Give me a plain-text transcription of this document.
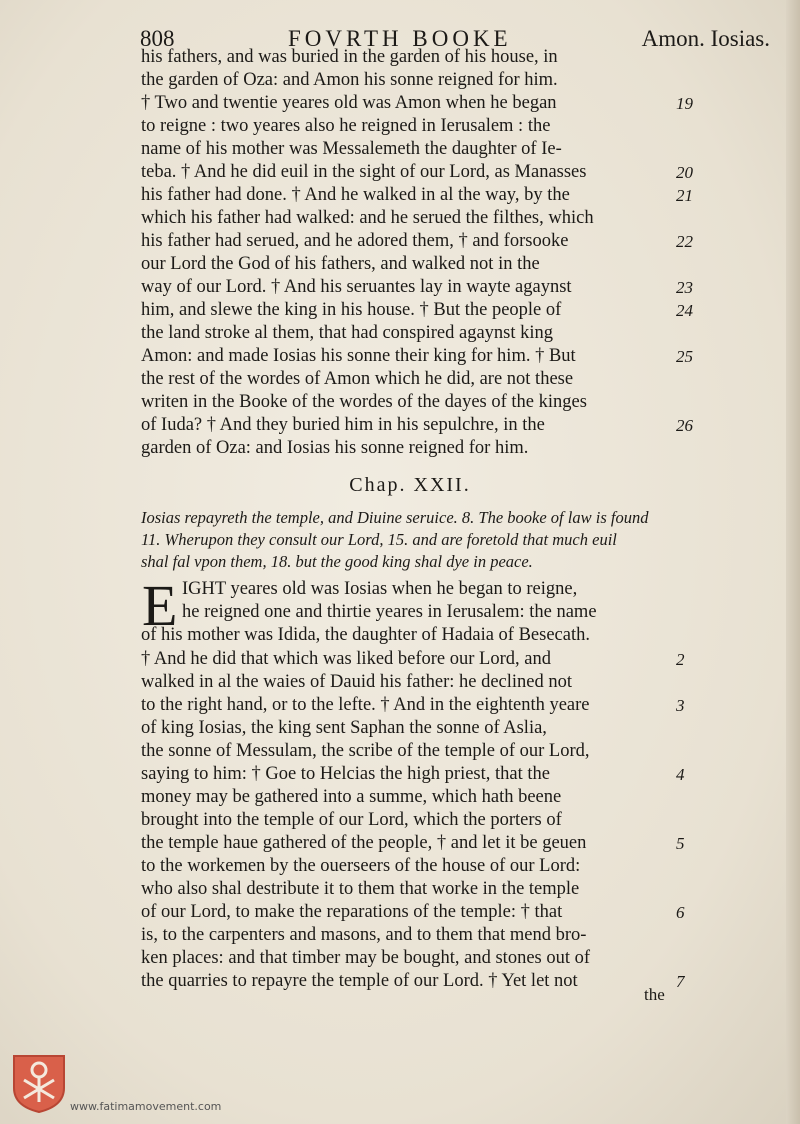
808	FOVRTH BOOKE	Amon. Iosias.
his fathers, and was buried in the garden of his house, in
the garden of Oza: and Amon his sonne reigned for him.
† Two and twentie yeares old was Amon when he began
to reigne : two yeares also he reigned in Ierusalem : the
name of his mother was Messalemeth the daughter of Ie-
teba. † And he did euil in the sight of our Lord, as Manasses
his father had done. † And he walked in al the way, by the
which his father had walked: and he serued the filthes, which
his father had serued, and he adored them, † and forsooke
our Lord the God of his fathers, and walked not in the
way of our Lord. † And his seruantes lay in wayte agaynst
him, and slewe the king in his house. † But the people of
the land stroke al them, that had conspired agaynst king
Amon: and made Iosias his sonne their king for him. † But
the rest of the wordes of Amon which he did, are not these
writen in the Booke of the wordes of the dayes of the kinges
of Iuda? † And they buried him in his sepulchre, in the
garden of Oza: and Iosias his sonne reigned for him.
19
20
21
22
23
24
25
26
Chap. XXII.
Iosias repayreth the temple, and Diuine seruice. 8. The booke of law is found
11. Wherupon they consult our Lord, 15. and are foretold that much euil
shal fal vpon them, 18. but the good king shal dye in peace.
E IGHT yeares old was Iosias when he began to reigne,
he reigned one and thirtie yeares in Ierusalem: the name
of his mother was Idida, the daughter of Hadaia of Besecath.
† And he did that which was liked before our Lord, and
walked in al the waies of Dauid his father: he declined not
to the right hand, or to the lefte. † And in the eightenth yeare
of king Iosias, the king sent Saphan the sonne of Aslia,
the sonne of Messulam, the scribe of the temple of our Lord,
saying to him: † Goe to Helcias the high priest, that the
money may be gathered into a summe, which hath beene
brought into the temple of our Lord, which the porters of
the temple haue gathered of the people, † and let it be geuen
to the workemen by the ouerseers of the house of our Lord:
who also shal destribute it to them that worke in the temple
of our Lord, to make the reparations of the temple: † that
is, to the carpenters and masons, and to them that mend bro-
ken places: and that timber may be bought, and stones out of
the quarries to repayre the temple of our Lord. † Yet let not
2
3
4
5
6
7
the
www.fatimamovement.com
